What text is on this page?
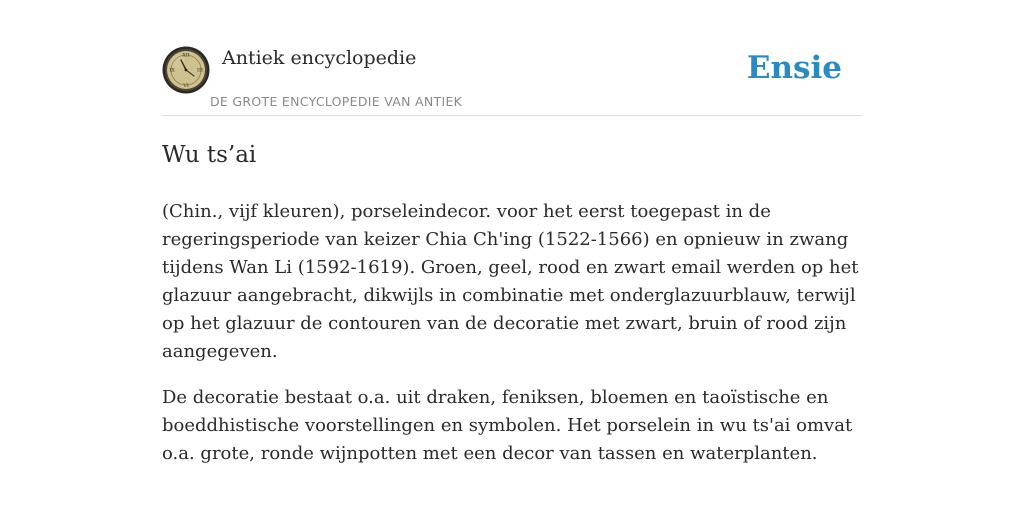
XII
III
VI
IX
Antiek encyclopedie
DE GROTE ENCYCLOPEDIE VAN ANTIEK
Ensie
Wu ts’ai

(Chin., vijf kleuren), porseleindecor. voor het eerst toegepast in de regeringsperiode van keizer Chia Ch'ing (1522-1566) en opnieuw in zwang tijdens Wan Li (1592-1619). Groen, geel, rood en zwart email werden op het glazuur aangebracht, dikwijls in combinatie met onderglazuurblauw, terwijl op het glazuur de contouren van de decoratie met zwart, bruin of rood zijn aangegeven.

De decoratie bestaat o.a. uit draken, feniksen, bloemen en taoïstische en boeddhistische voorstellingen en symbolen. Het porselein in wu ts'ai omvat o.a. grote, ronde wijnpotten met een decor van tassen en waterplanten.
